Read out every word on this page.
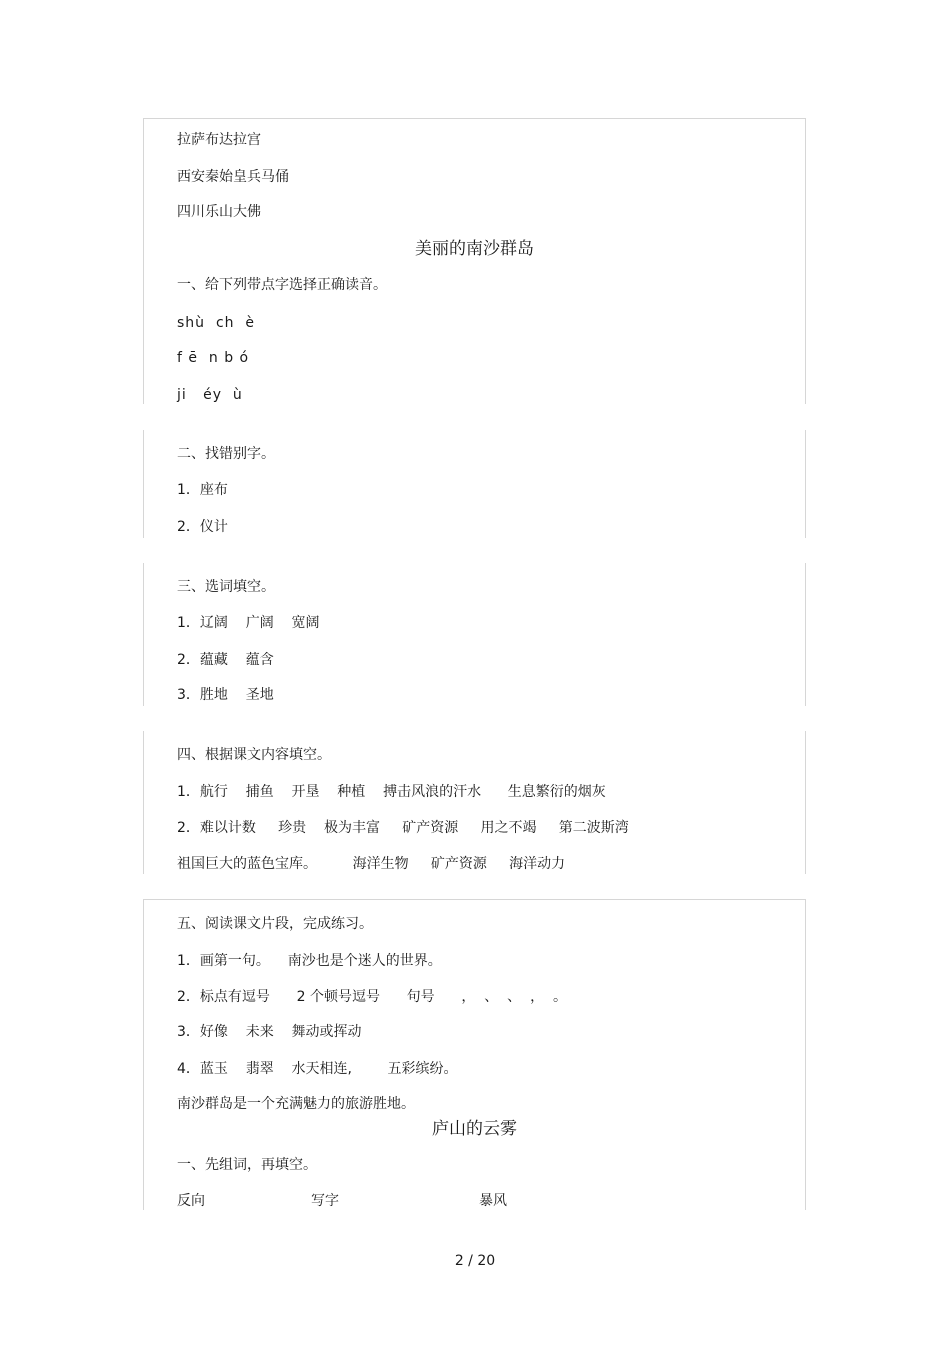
拉萨布达拉宫
西安秦始皇兵马俑
四川乐山大佛
美丽的南沙群岛
一、给下列带点字选择正确读音。
shù  ch  è
f ē  n b ó
ji   éy  ù
二、找错别字。
1．座布
2．仪计
三、选词填空。
1．辽阔    广阔    宽阔
2．蕴藏    蕴含
3．胜地    圣地
四、根据课文内容填空。
1．航行    捕鱼    开垦    种植    搏击风浪的汗水      生息繁衍的烟灰
2．难以计数     珍贵    极为丰富     矿产资源     用之不竭     第二波斯湾
祖国巨大的蓝色宝库。        海洋生物     矿产资源     海洋动力
五、阅读课文片段，完成练习。
1．画第一句。    南沙也是个迷人的世界。
2．标点有逗号      2 个顿号逗号      句号      ，  、  、  ，  。
3．好像    未来    舞动或挥动
4．蓝玉    翡翠    水天相连,        五彩缤纷。
南沙群岛是一个充满魅力的旅游胜地。
庐山的云雾
一、先组词，再填空。
反向	写字	暴风
2 / 20
